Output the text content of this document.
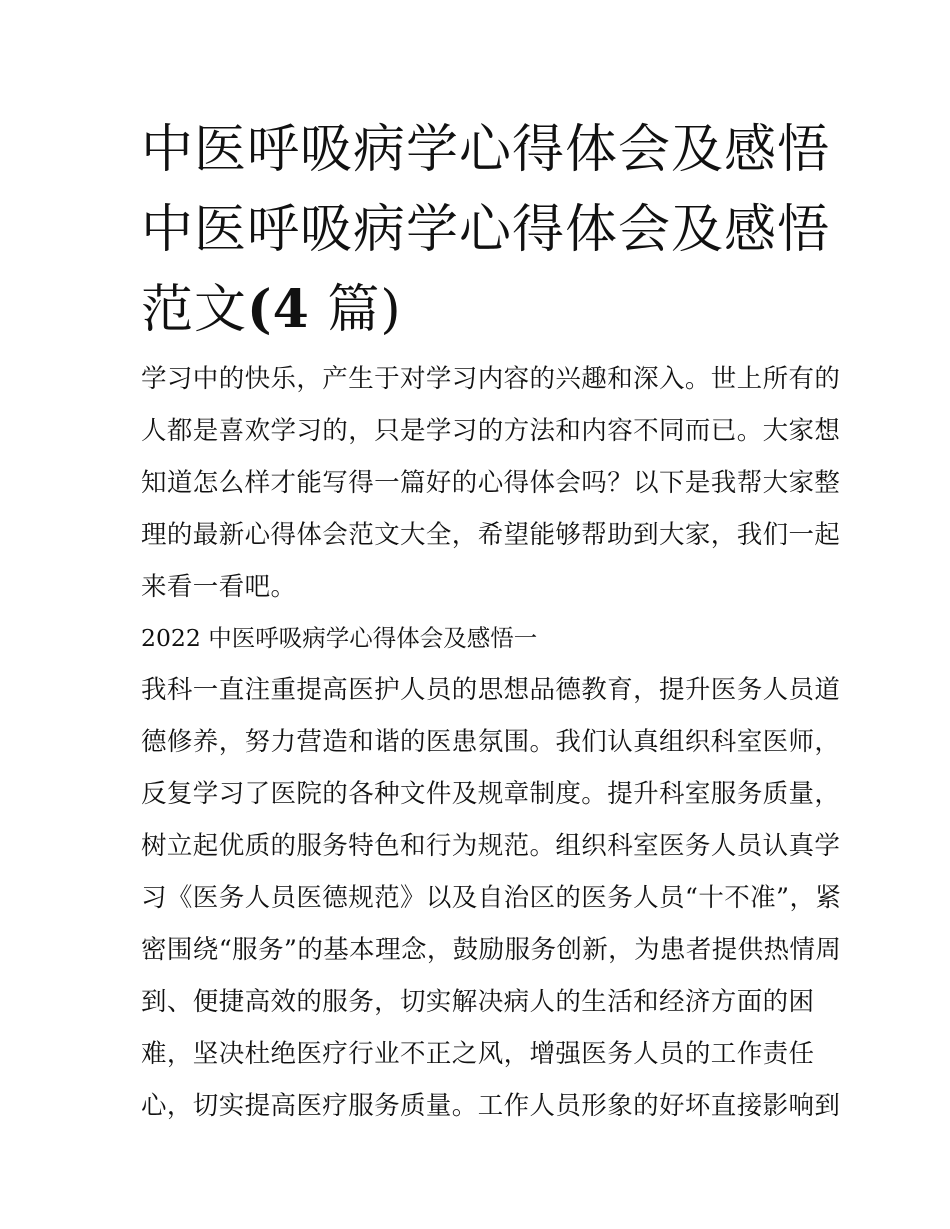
中医呼吸病学心得体会及感悟
中医呼吸病学心得体会及感悟
范文(4 篇)
学习中的快乐，产生于对学习内容的兴趣和深入。世上所有的
人都是喜欢学习的，只是学习的方法和内容不同而已。大家想
知道怎么样才能写得一篇好的心得体会吗？以下是我帮大家整
理的最新心得体会范文大全，希望能够帮助到大家，我们一起
来看一看吧。
2022 中医呼吸病学心得体会及感悟一
我科一直注重提高医护人员的思想品德教育，提升医务人员道
德修养，努力营造和谐的医患氛围。我们认真组织科室医师，
反复学习了医院的各种文件及规章制度。提升科室服务质量，
树立起优质的服务特色和行为规范。组织科室医务人员认真学
习《医务人员医德规范》以及自治区的医务人员“十不准”，紧
密围绕“服务”的基本理念，鼓励服务创新，为患者提供热情周
到、便捷高效的服务，切实解决病人的生活和经济方面的困
难，坚决杜绝医疗行业不正之风，增强医务人员的工作责任
心，切实提高医疗服务质量。工作人员形象的好坏直接影响到
